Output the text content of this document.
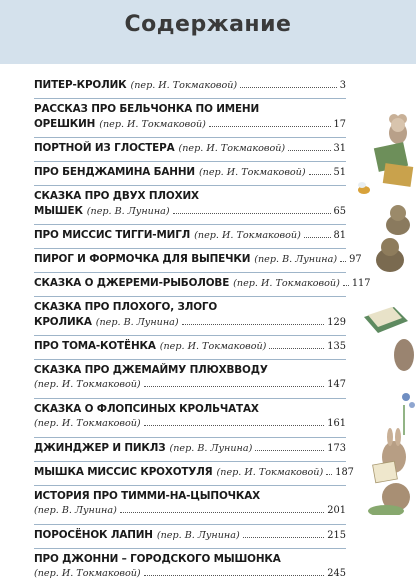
Содержание
ПИТЕР-КРОЛИК (пер. И. Токмаковой)	3
РАССКАЗ ПРО БЕЛЬЧОНКА ПО ИМЕНИ
ОРЕШКИН (пер. И. Токмаковой)	17
ПОРТНОЙ ИЗ ГЛОСТЕРА (пер. И. Токмаковой)	31
ПРО БЕНДЖАМИНА БАННИ (пер. И. Токмаковой)	51
СКАЗКА ПРО ДВУХ ПЛОХИХ
МЫШЕК (пер. В. Лунина)	65
ПРО МИССИС ТИГГИ-МИГЛ (пер. И. Токмаковой)	81
ПИРОГ И ФОРМОЧКА ДЛЯ ВЫПЕЧКИ (пер. В. Лунина) 97
СКАЗКА О ДЖЕРЕМИ-РЫБОЛОВЕ (пер. И. Токмаковой) 117
СКАЗКА ПРО ПЛОХОГО, ЗЛОГО
КРОЛИКА (пер. В. Лунина)	129
ПРО ТОМА-КОТЁНКА (пер. И. Токмаковой)	135
СКАЗКА ПРО ДЖЕМАЙМУ ПЛЮХВВОДУ
(пер. И. Токмаковой)	147
СКАЗКА О ФЛОПСИНЫХ КРОЛЬЧАТАХ
(пер. И. Токмаковой)	161
ДЖИНДЖЕР И ПИКЛЗ (пер. В. Лунина)	173
МЫШКА МИССИС КРОХОТУЛЯ (пер. И. Токмаковой) 187
ИСТОРИЯ ПРО ТИММИ-НА-ЦЫПОЧКАХ
(пер. В. Лунина)	201
ПОРОСЁНОК ЛАПИН (пер. В. Лунина)	215
ПРО ДЖОННИ – ГОРОДСКОГО МЫШОНКА
(пер. И. Токмаковой)	245
